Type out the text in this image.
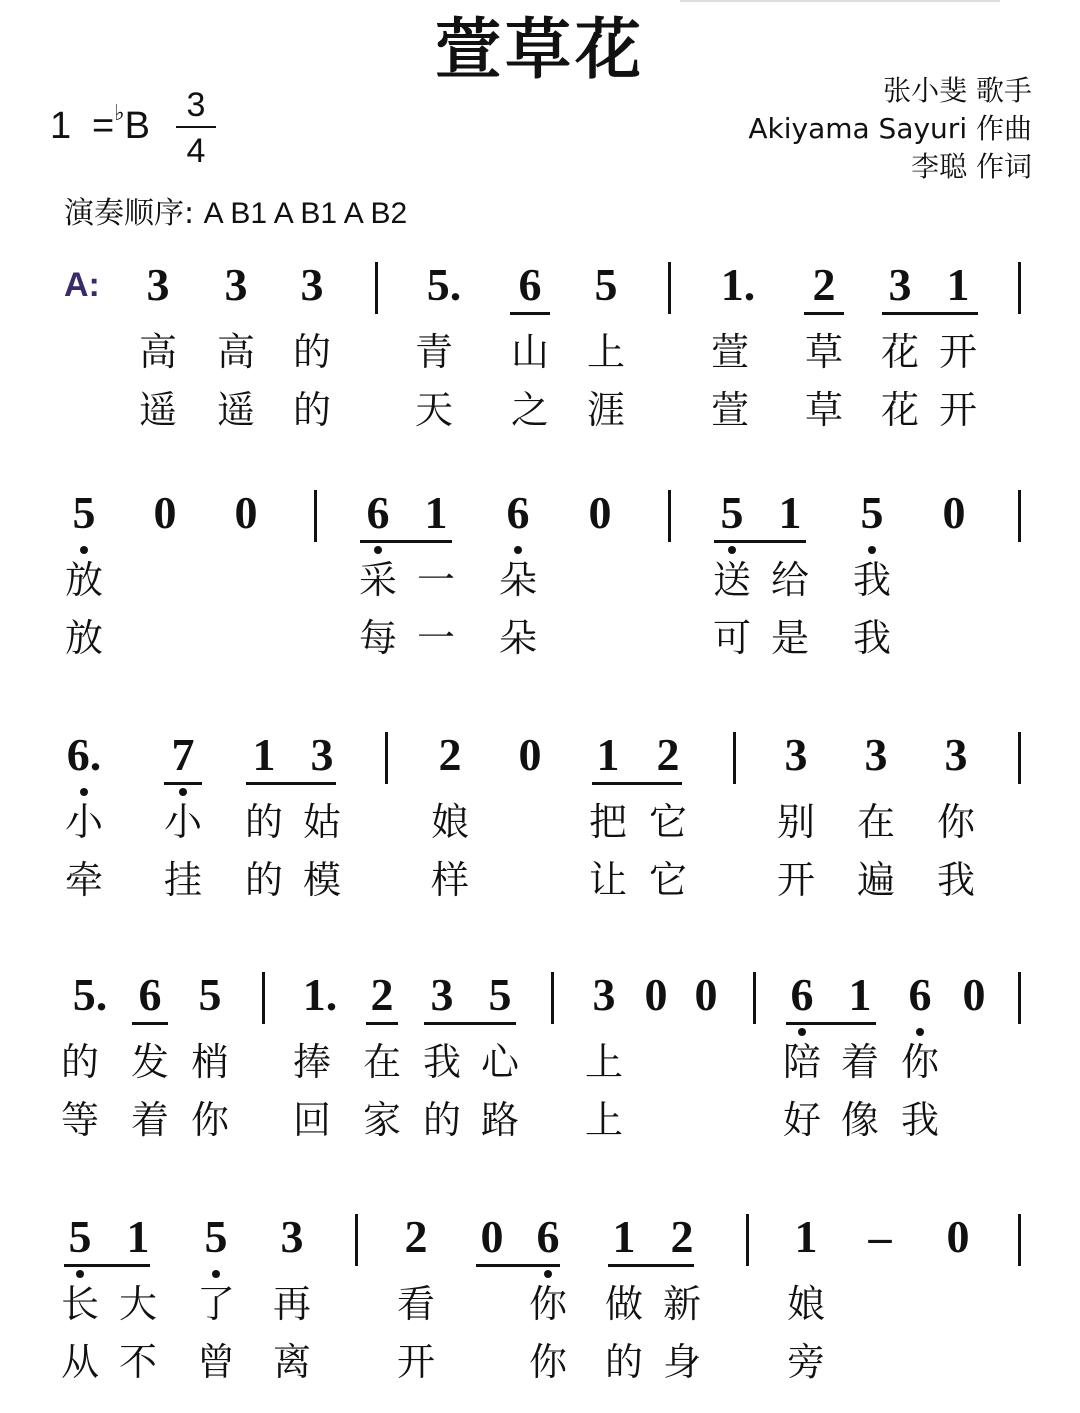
萱草花
1 =♭B	3
4
张小斐 歌手
Akiyama Sayuri 作曲
李聪 作词
演奏顺序: A B1 A B1 A B2
A: 3 3 3 5. 6 5 1. 2 3 1
高 高 的 青 山 上 萱 草 花 开
遥 遥 的 天 之 涯 萱 草 花 开
5 0 0 6 1 6 0 5 1 5 0
放	采 一 朵	送 给 我
放	每 一 朵	可 是 我
6. 7 1 3 2 0 1 2 3 3 3
小 小 的 姑 娘	把 它 别 在 你
牵 挂 的 模 样	让 它 开 遍 我
5. 6 5 1. 2 3 5 3 0 0 6 1 6 0
的 发 梢 捧 在 我 心 上	陪 着 你
等 着 你 回 家 的 路 上	好 像 我
5 1 5 3 2 0 6 1 2 1 – 0
长 大 了 再 看 你 做 新 娘
从 不 曾 离 开 你 的 身 旁
